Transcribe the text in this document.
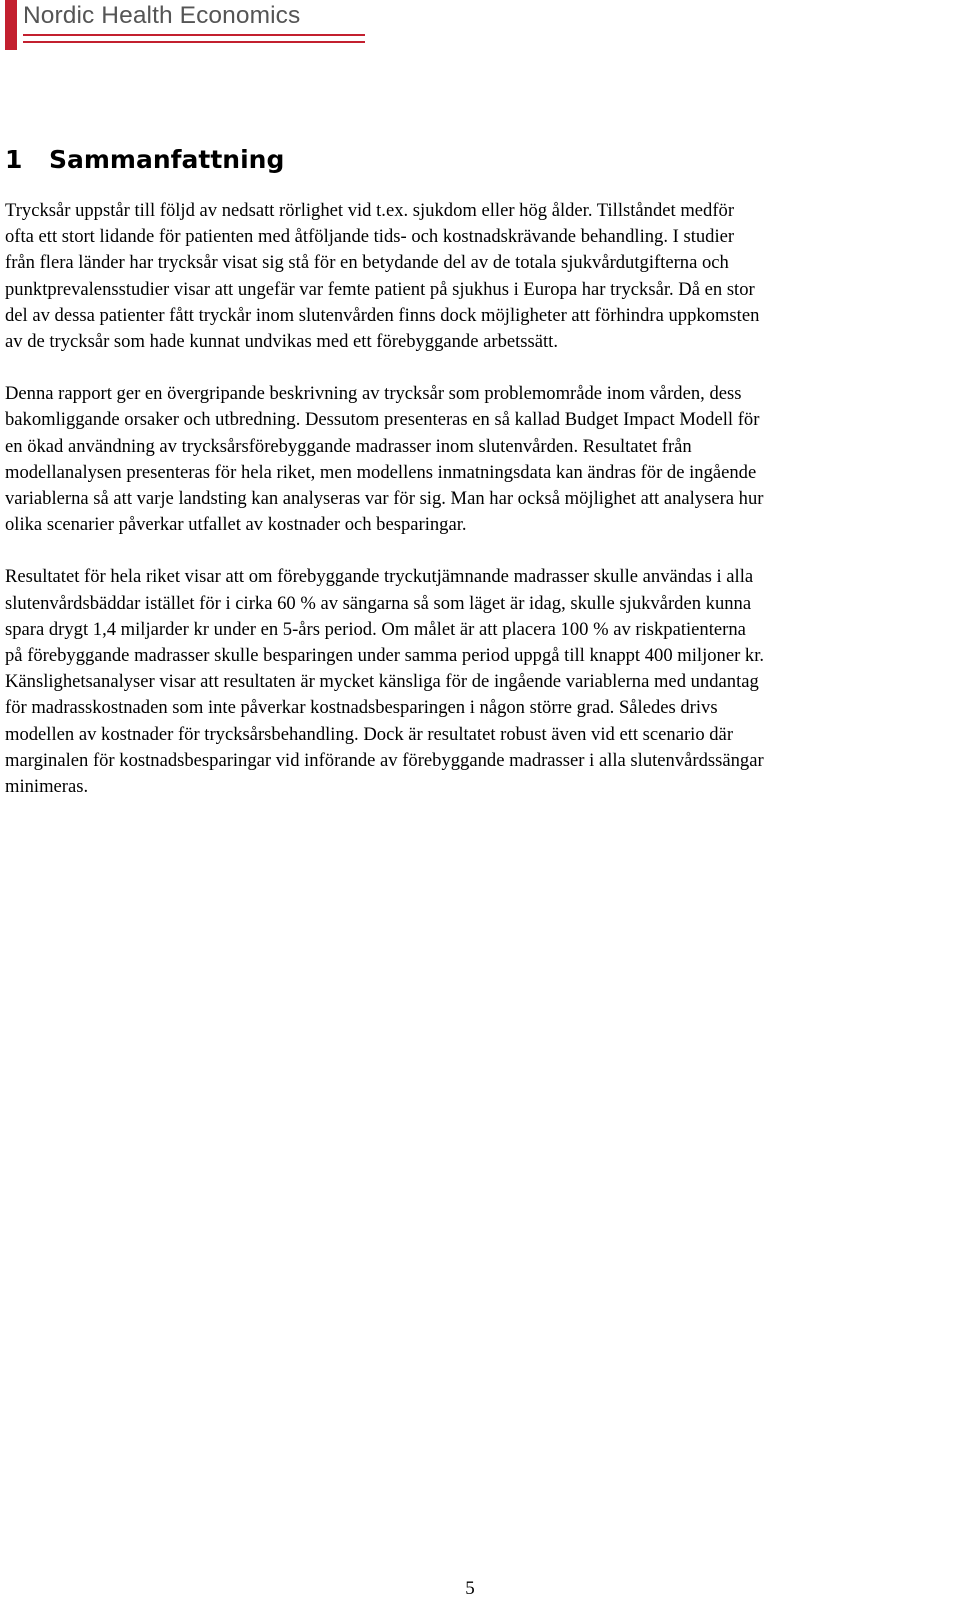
Nordic Health Economics
1 Sammanfattning

Trycksår uppstår till följd av nedsatt rörlighet vid t.ex. sjukdom eller hög ålder. Tillståndet medför
ofta ett stort lidande för patienten med åtföljande tids- och kostnadskrävande behandling. I studier
från flera länder har trycksår visat sig stå för en betydande del av de totala sjukvårdutgifterna och
punktprevalensstudier visar att ungefär var femte patient på sjukhus i Europa har trycksår. Då en stor
del av dessa patienter fått tryckår inom slutenvården finns dock möjligheter att förhindra uppkomsten
av de trycksår som hade kunnat undvikas med ett förebyggande arbetssätt.

Denna rapport ger en övergripande beskrivning av trycksår som problemområde inom vården, dess
bakomliggande orsaker och utbredning. Dessutom presenteras en så kallad Budget Impact Modell för
en ökad användning av trycksårsförebyggande madrasser inom slutenvården. Resultatet från
modellanalysen presenteras för hela riket, men modellens inmatningsdata kan ändras för de ingående
variablerna så att varje landsting kan analyseras var för sig. Man har också möjlighet att analysera hur
olika scenarier påverkar utfallet av kostnader och besparingar.

Resultatet för hela riket visar att om förebyggande tryckutjämnande madrasser skulle användas i alla
slutenvårdsbäddar istället för i cirka 60 % av sängarna så som läget är idag, skulle sjukvården kunna
spara drygt 1,4 miljarder kr under en 5-års period. Om målet är att placera 100 % av riskpatienterna
på förebyggande madrasser skulle besparingen under samma period uppgå till knappt 400 miljoner kr.
Känslighetsanalyser visar att resultaten är mycket känsliga för de ingående variablerna med undantag
för madrasskostnaden som inte påverkar kostnadsbesparingen i någon större grad. Således drivs
modellen av kostnader för trycksårsbehandling. Dock är resultatet robust även vid ett scenario där
marginalen för kostnadsbesparingar vid införande av förebyggande madrasser i alla slutenvårdssängar
minimeras.

5
